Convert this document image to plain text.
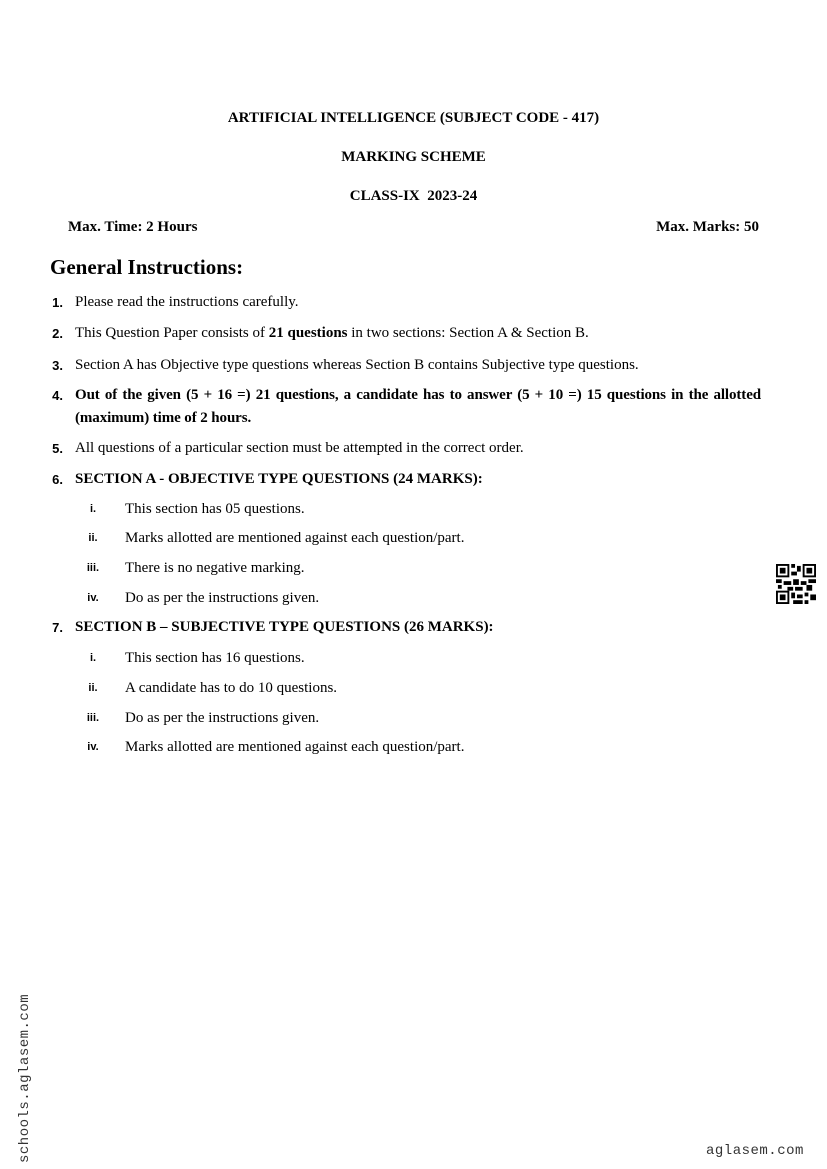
ARTIFICIAL INTELLIGENCE (SUBJECT CODE - 417)
MARKING SCHEME
CLASS-IX  2023-24
Max. Time: 2 Hours	Max. Marks: 50
General Instructions:
1. Please read the instructions carefully.
2. This Question Paper consists of 21 questions in two sections: Section A & Section B.
3. Section A has Objective type questions whereas Section B contains Subjective type questions.
4. Out of the given (5 + 16 =) 21 questions, a candidate has to answer (5 + 10 =) 15 questions in the allotted (maximum) time of 2 hours.
5. All questions of a particular section must be attempted in the correct order.
6. SECTION A - OBJECTIVE TYPE QUESTIONS (24 MARKS):
i.	This section has 05 questions.
ii.	Marks allotted are mentioned against each question/part.
iii.	There is no negative marking.
iv.	Do as per the instructions given.
7. SECTION B – SUBJECTIVE TYPE QUESTIONS (26 MARKS):
i.	This section has 16 questions.
ii.	A candidate has to do 10 questions.
iii.	Do as per the instructions given.
iv.	Marks allotted are mentioned against each question/part.
schools.aglasem.com	aglasem.com
